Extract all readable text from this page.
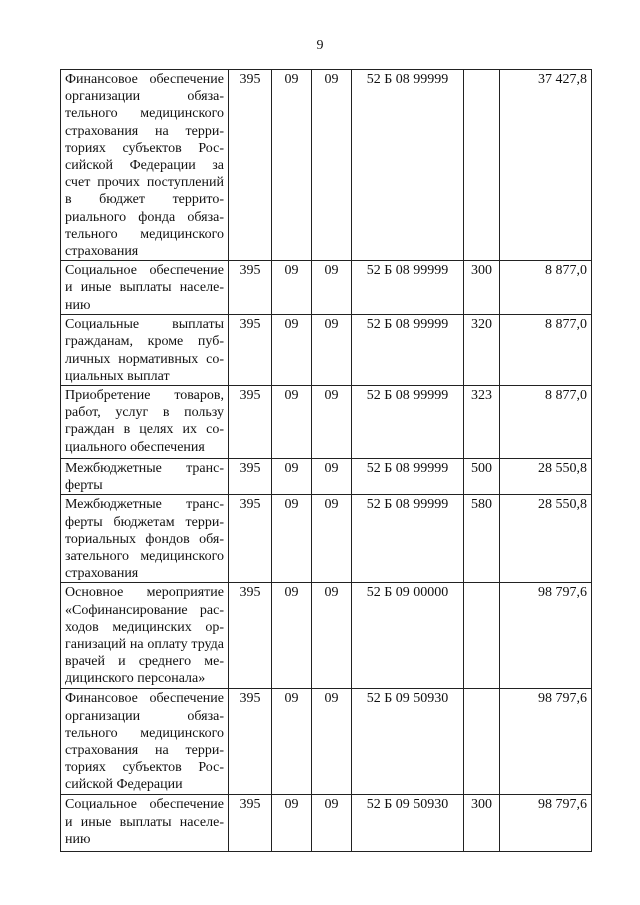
9
Финансовое обеспечение организации обязательного медицинского страхования на территориях субъектов Российской Федерации за счет прочих поступлений в бюджет территориального фонда обязательного медицинского страхования	395	09	09	52 Б 08 99999		37 427,8
Социальное обеспечение и иные выплаты населению	395	09	09	52 Б 08 99999	300	8 877,0
Социальные выплаты гражданам, кроме публичных нормативных социальных выплат	395	09	09	52 Б 08 99999	320	8 877,0
Приобретение товаров, работ, услуг в пользу граждан в целях их социального обеспечения	395	09	09	52 Б 08 99999	323	8 877,0
Межбюджетные трансферты	395	09	09	52 Б 08 99999	500	28 550,8
Межбюджетные трансферты бюджетам территориальных фондов обязательного медицинского страхования	395	09	09	52 Б 08 99999	580	28 550,8
Основное мероприятие «Софинансирование расходов медицинских организаций на оплату труда врачей и среднего медицинского персонала»	395	09	09	52 Б 09 00000		98 797,6
Финансовое обеспечение организации обязательного медицинского страхования на территориях субъектов Российской Федерации	395	09	09	52 Б 09 50930		98 797,6
Социальное обеспечение и иные выплаты населению	395	09	09	52 Б 09 50930	300	98 797,6
